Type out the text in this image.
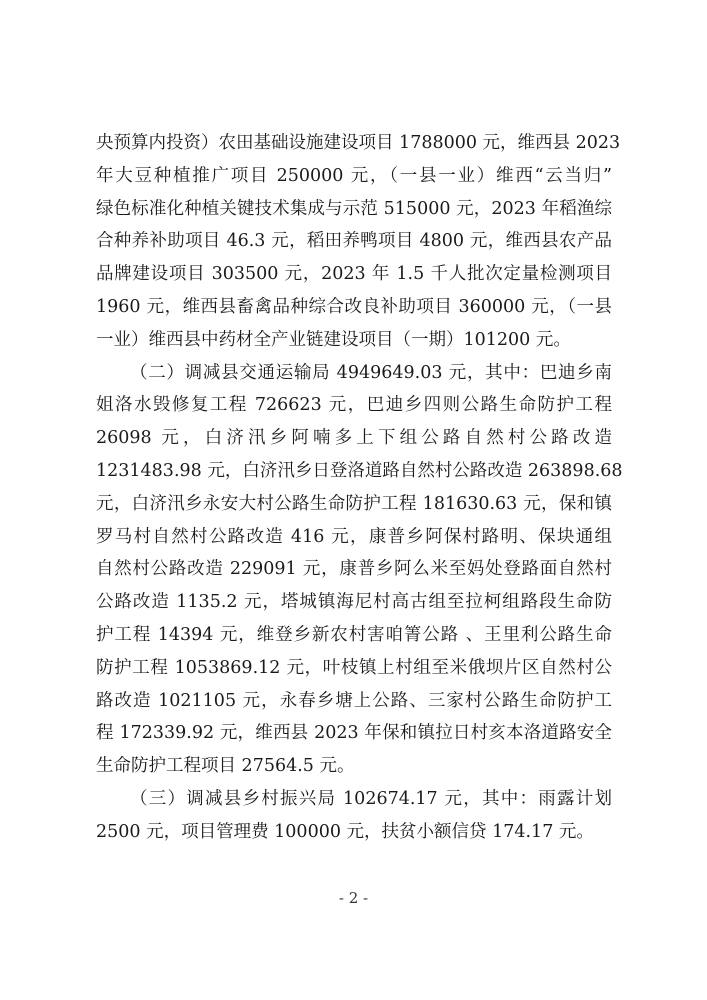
央预算内投资）农田基础设施建设项目 1788000 元，维西县 2023
年大豆种植推广项目 250000 元，（一县一业）维西“云当归”
绿色标准化种植关键技术集成与示范 515000 元，2023 年稻渔综
合种养补助项目 46.3 元，稻田养鸭项目 4800 元，维西县农产品
品牌建设项目 303500 元，2023 年 1.5 千人批次定量检测项目
1960 元，维西县畜禽品种综合改良补助项目 360000 元，（一县
一业）维西县中药材全产业链建设项目（一期）101200 元。
（二）调减县交通运输局 4949649.03 元，其中：巴迪乡南
姐洛水毁修复工程 726623 元，巴迪乡四则公路生命防护工程
26098 元，白济汛乡阿喃多上下组公路自然村公路改造
1231483.98 元，白济汛乡日登洛道路自然村公路改造 263898.68
元，白济汛乡永安大村公路生命防护工程 181630.63 元，保和镇
罗马村自然村公路改造 416 元，康普乡阿保村路明、保块通组
自然村公路改造 229091 元，康普乡阿么米至妈处登路面自然村
公路改造 1135.2 元，塔城镇海尼村高古组至拉柯组路段生命防
护工程 14394 元，维登乡新农村害咱箐公路 、王里利公路生命
防护工程 1053869.12 元，叶枝镇上村组至米俄坝片区自然村公
路改造 1021105 元，永春乡塘上公路、三家村公路生命防护工
程 172339.92 元，维西县 2023 年保和镇拉日村亥本洛道路安全
生命防护工程项目 27564.5 元。
（三）调减县乡村振兴局 102674.17 元，其中：雨露计划
2500 元，项目管理费 100000 元，扶贫小额信贷 174.17 元。
- 2 -
